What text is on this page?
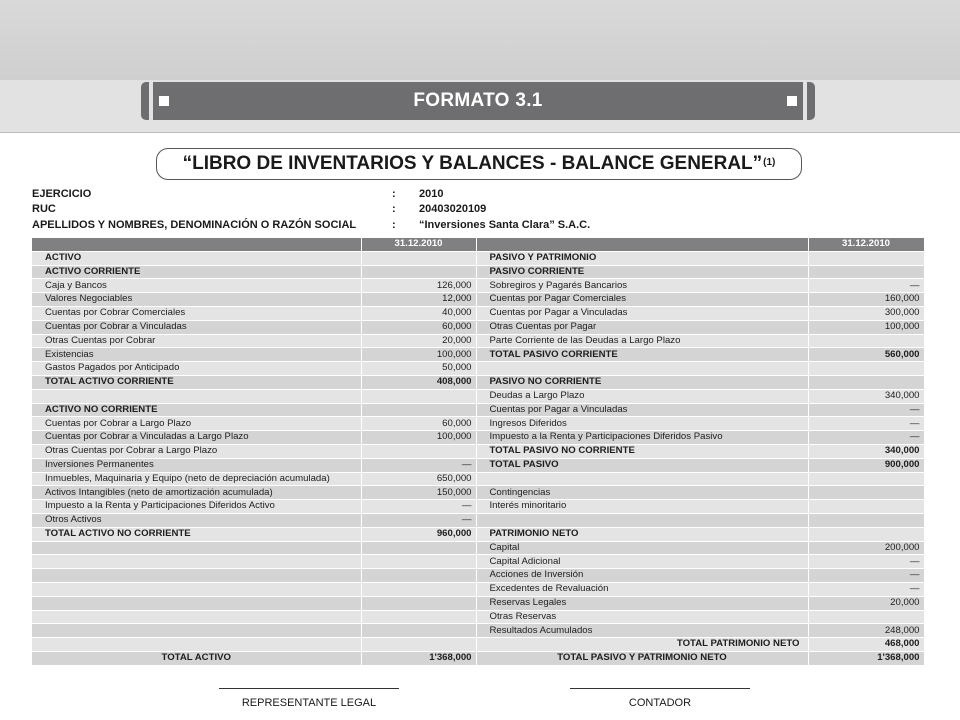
FORMATO 3.1
“LIBRO DE INVENTARIOS Y BALANCES - BALANCE GENERAL”$^{(1)}$
EJERCICIO	: 2010
RUC	: 20403020109
APELLIDOS Y NOMBRES, DENOMINACIÓN O RAZÓN SOCIAL	: “Inversiones Santa Clara” S.A.C.
	31.12.2010		31.12.2010
ACTIVO		PASIVO Y PATRIMONIO	
ACTIVO CORRIENTE		PASIVO CORRIENTE	
Caja y Bancos	126,000	Sobregiros y Pagarés Bancarios	—
Valores Negociables	12,000	Cuentas por Pagar Comerciales	160,000
Cuentas por Cobrar Comerciales	40,000	Cuentas por Pagar a Vinculadas	300,000
Cuentas por Cobrar a Vinculadas	60,000	Otras Cuentas por Pagar	100,000
Otras Cuentas por Cobrar	20,000	Parte Corriente de las Deudas a Largo Plazo	
Existencias	100,000	TOTAL PASIVO CORRIENTE	560,000
Gastos Pagados por Anticipado	50,000		
TOTAL ACTIVO CORRIENTE	408,000	PASIVO NO CORRIENTE	
		Deudas a Largo Plazo	340,000
ACTIVO NO CORRIENTE		Cuentas por Pagar a Vinculadas	—
Cuentas por Cobrar a Largo Plazo	60,000	Ingresos Diferidos	—
Cuentas por Cobrar a Vinculadas a Largo Plazo	100,000	Impuesto a la Renta y Participaciones Diferidos Pasivo	—
Otras Cuentas por Cobrar a Largo Plazo		TOTAL PASIVO NO CORRIENTE	340,000
Inversiones Permanentes	—	TOTAL PASIVO	900,000
Inmuebles, Maquinaria y Equipo (neto de depreciación acumulada)	650,000		
Activos Intangibles (neto de amortización acumulada)	150,000	Contingencias	
Impuesto a la Renta y Participaciones Diferidos Activo	—	Interés minoritario	
Otros Activos	—		
TOTAL ACTIVO NO CORRIENTE	960,000	PATRIMONIO NETO	
		Capital	200,000
		Capital Adicional	—
		Acciones de Inversión	—
		Excedentes de Revaluación	—
		Reservas Legales	20,000
		Otras Reservas	
		Resultados Acumulados	248,000
		TOTAL PATRIMONIO NETO	468,000
TOTAL ACTIVO	1'368,000	TOTAL PASIVO Y PATRIMONIO NETO	1'368,000
REPRESENTANTE LEGAL	CONTADOR
